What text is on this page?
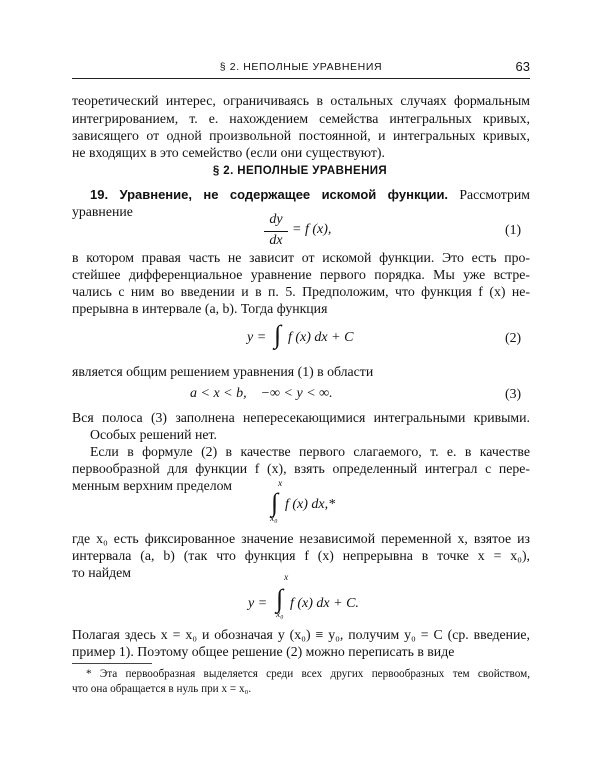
§ 2. НЕПОЛНЫЕ УРАВНЕНИЯ	63
теоретический интерес, ограничиваясь в остальных случаях формальным
интегрированием, т. е. нахождением семейства интегральных кривых,
зависящего от одной произвольной постоянной, и интегральных кривых,
не входящих в это семейство (если они существуют).
§ 2. НЕПОЛНЫЕ УРАВНЕНИЯ
19. Уравнение, не содержащее искомой функции. Рассмотрим
уравнение
dy
dx
= f (x),	(1)
в котором правая часть не зависит от искомой функции. Это есть про-
стейшее дифференциальное уравнение первого порядка. Мы уже встре-
чались с ним во введении и в п. 5. Предположим, что функция f (x) не-
прерывна в интервале (a, b). Тогда функция
y = ∫ f (x) dx + C	(2)
является общим решением уравнения (1) в области
a < x < b,    −∞ < y < ∞.	(3)
Вся полоса (3) заполнена непересекающимися интегральными кривыми.
Особых решений нет.
Если в формуле (2) в качестве первого слагаемого, т. е. в качестве
первообразной для функции f (x), взять определенный интеграл с пере-
менным верхним пределом	x
∫
x₀
f (x) dx,*
где x₀ есть фиксированное значение независимой переменной x, взятое из
интервала (a, b) (так что функция f (x) непрерывна в точке x = x₀),
то найдем
y =
x
∫
x₀
f (x) dx + C.
Полагая здесь x = x₀ и обозначая y (x₀) ≡ y₀, получим y₀ = C (ср. введение,
пример 1). Поэтому общее решение (2) можно переписать в виде
* Эта первообразная выделяется среди всех других первообразных тем свойством,
что она обращается в нуль при x = x₀.
